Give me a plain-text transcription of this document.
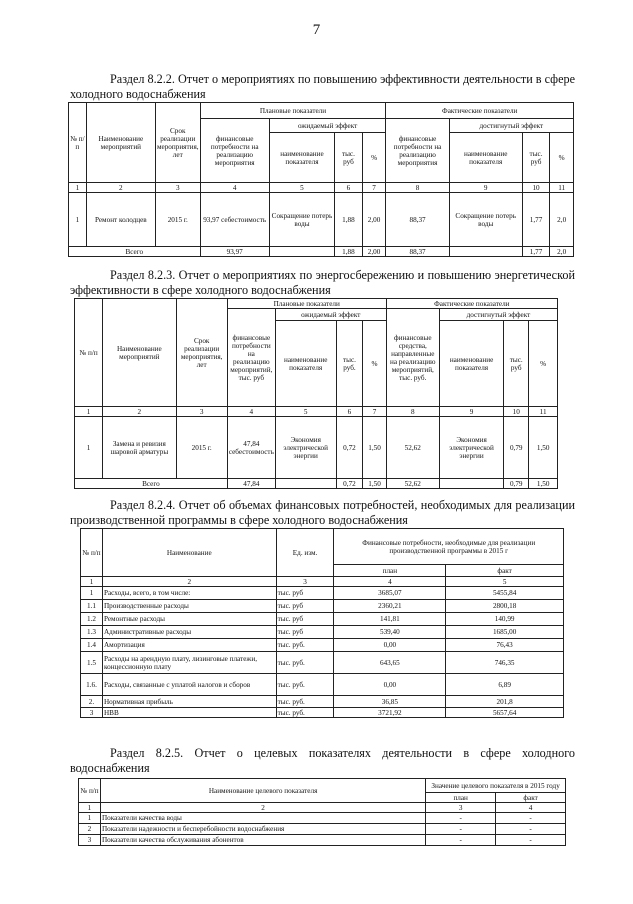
7
Раздел 8.2.2. Отчет о мероприятиях по повышению эффективности деятельности в сфере холодного водоснабжения
№ п/п	Наименование мероприятий	Срок реализации мероприятия, лет	Плановые показатели				Фактические показатели			
			финансовые потребности на реализацию мероприятия	ожидаемый эффект			финансовые потребности на реализацию мероприятия	достигнутый эффект		
				наименование показателя	тыс. руб	%		наименование показателя	тыс. руб	%
1	2	3	4	5	6	7	8	9	10	11
1	Ремонт колодцев	2015 г.	93,97 себестоимость	Сокращение потерь воды	1,88	2,00	88,37	Сокращение потерь воды	1,77	2,0
Всего			93,97		1,88	2,00	88,37		1,77	2,0
Раздел 8.2.3. Отчет о мероприятиях по энергосбережению и повышению энергетической эффективности в сфере холодного водоснабжения
№ п/п	Наименование мероприятий	Срок реализации мероприятия, лет	Плановые показатели				Фактические показатели			
			финансовые потребности на реализацию мероприятий, тыс. руб	ожидаемый эффект			финансовые средства, направленные на реализацию мероприятий, тыс. руб.	достигнутый эффект		
				наименование показателя	тыс. руб.	%		наименование показателя	тыс. руб	%
1	2	3	4	5	6	7	8	9	10	11
1	Замена и ревизия шаровой арматуры	2015 г.	47,84 себестоимость	Экономия электрической энергии	0,72	1,50	52,62	Экономия электрической энергии	0,79	1,50
Всего			47,84		0,72	1,50	52,62		0,79	1,50
Раздел 8.2.4. Отчет об объемах финансовых потребностей, необходимых для реализации производственной программы в сфере холодного водоснабжения
№ п/п	Наименование	Ед. изм.	Финансовые потребности, необходимые для реализации производственной программы в 2015 г	
			план	факт
1	2	3	4	5
1	Расходы, всего, в том числе:	тыс. руб	3685,07	5455,84
1.1	Производственные расходы	тыс. руб	2360,21	2800,18
1.2	Ремонтные расходы	тыс. руб	141,81	140,99
1.3	Административные расходы	тыс. руб	539,40	1685,00
1.4	Амортизация	тыс. руб.	0,00	76,43
1.5	Расходы на арендную плату, лизинговые платежи, концессионную плату	тыс. руб.	643,65	746,35
1.6.	Расходы, связанные с уплатой налогов и сборов	тыс. руб.	0,00	6,89
2.	Нормативная прибыль	тыс. руб.	36,85	201,8
3	НВВ	тыс. руб.	3721,92	5657,64
Раздел 8.2.5. Отчет о целевых показателях деятельности в сфере холодного водоснабжения
№ п/п	Наименование целевого показателя	Значение целевого показателя в 2015 году	
		план	факт
1	2	3	4
1	Показатели качества воды	-	-
2	Показатели надежности и бесперебойности водоснабжения	-	-
3	Показатели качества обслуживания абонентов	-	-
